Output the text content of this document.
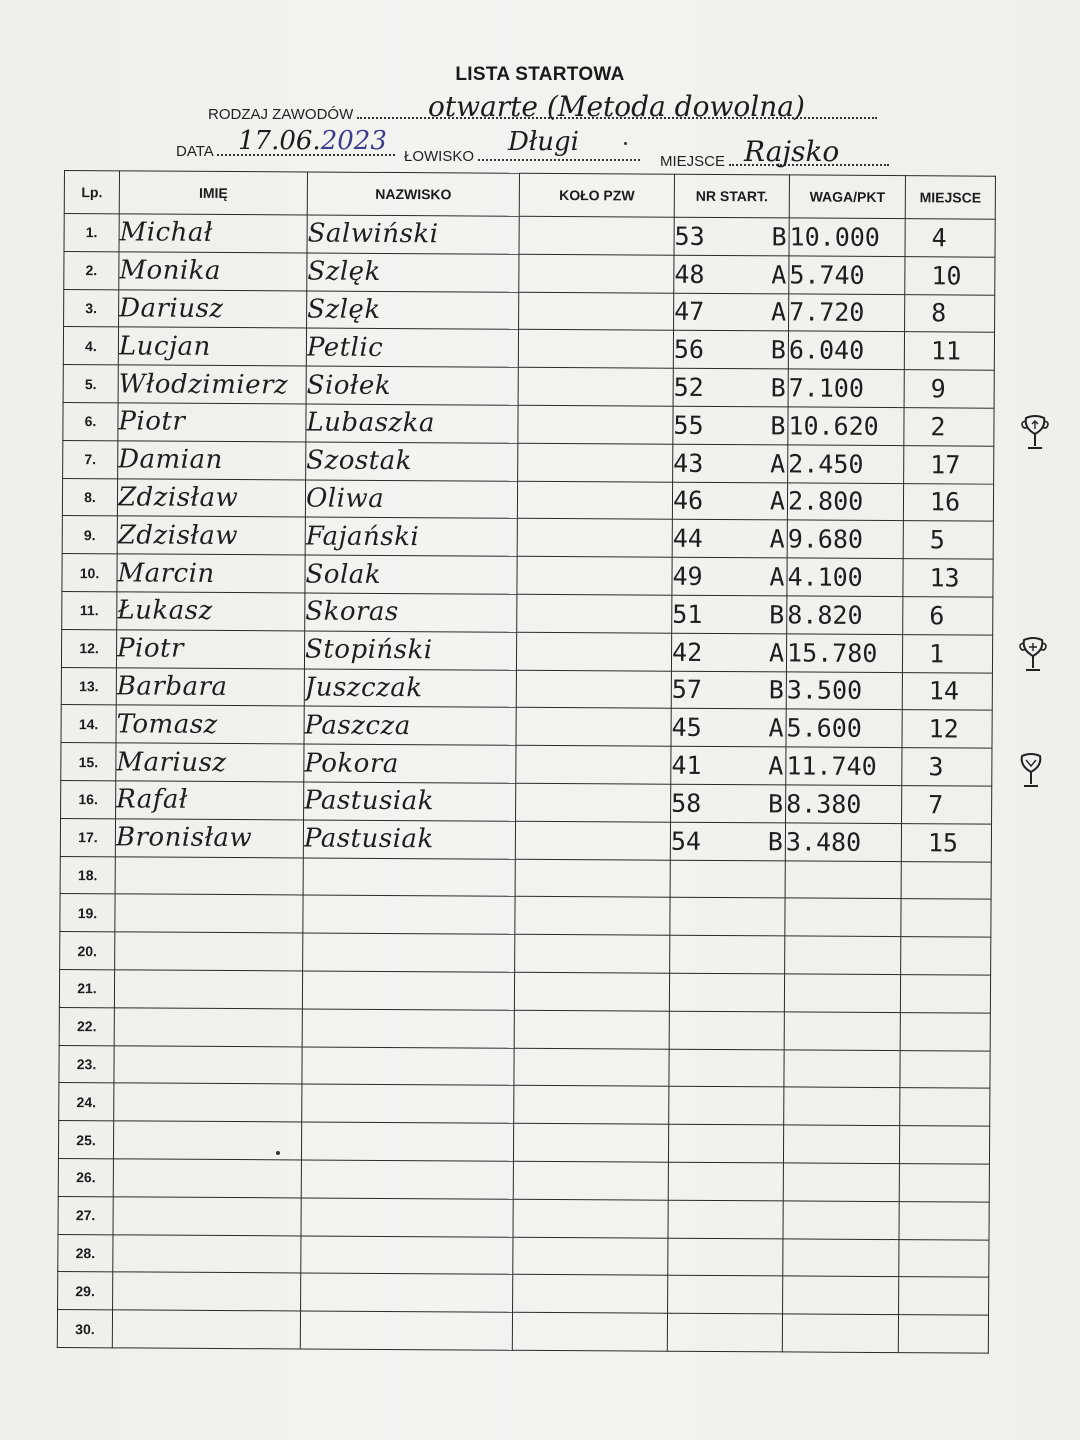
LISTA STARTOWA
RODZAJ ZAWODÓW	otwarte (Metoda dowolna)
DATA 17.06.2023
ŁOWISKO	Długi
MIEJSCE Rajsko
Lp.	IMIĘ	NAZWISKO	KOŁO PZW	NR START.	WAGA/PKT	MIEJSCE
1.	Michał	Salwiński		53 B	10.000	4
2.	Monika	Szlęk		48 A	5.740	10
3.	Dariusz	Szlęk		47 A	7.720	8
4.	Lucjan	Petlic		56 B	6.040	11
5.	Włodzimierz	Siołek		52 B	7.100	9
6.	Piotr	Lubaszka		55 B	10.620	2
7.	Damian	Szostak		43 A	2.450	17
8.	Zdzisław	Oliwa		46 A	2.800	16
9.	Zdzisław	Fajański		44 A	9.680	5
10.	Marcin	Solak		49 A	4.100	13
11.	Łukasz	Skoras		51 B	8.820	6
12.	Piotr	Stopiński		42 A	15.780	1
13.	Barbara	Juszczak		57 B	3.500	14
14.	Tomasz	Paszcza		45 A	5.600	12
15.	Mariusz	Pokora		41 A	11.740	3
16.	Rafał	Pastusiak		58 B	8.380	7
17.	Bronisław	Pastusiak		54 B	3.480	15
18.				

19.				

20.				

21.				

22.				

23.				

24.				

25.				

26.				

27.				

28.				

29.				

30.				
